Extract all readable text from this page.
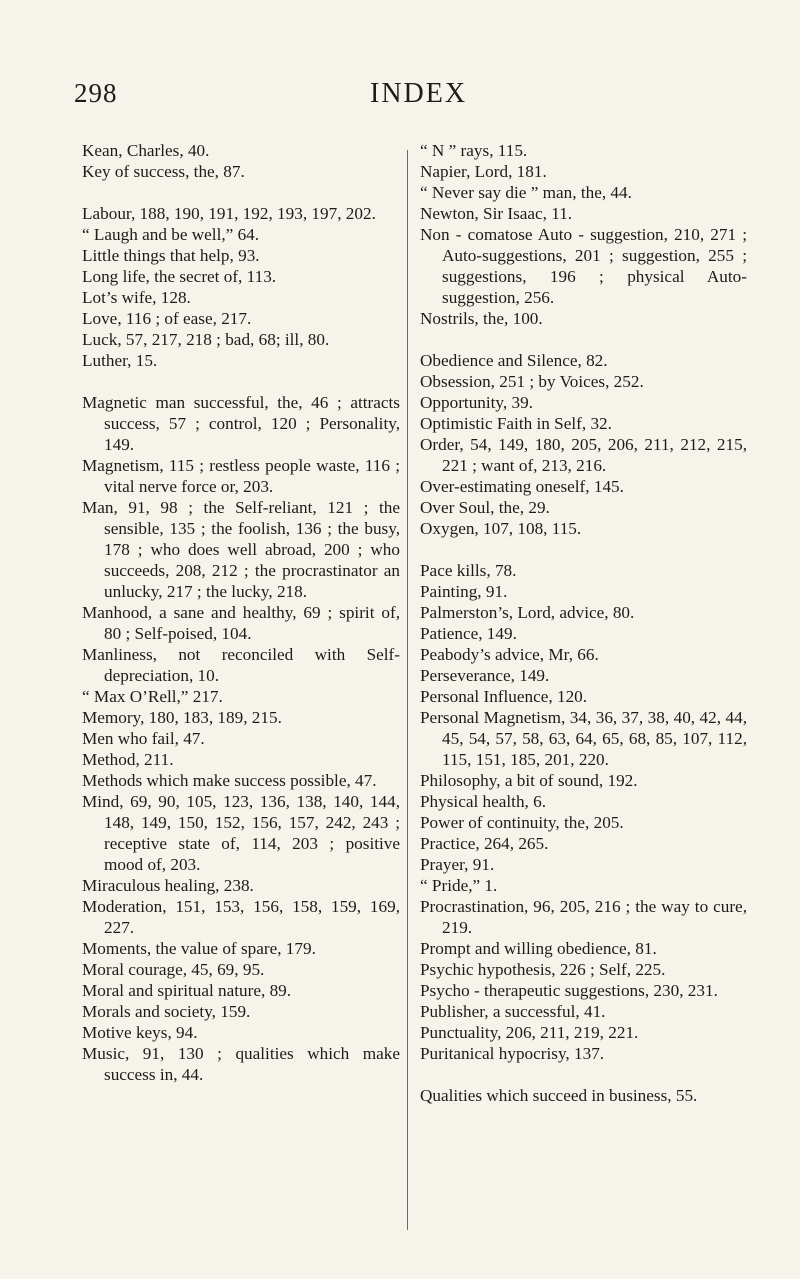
298	INDEX
Kean, Charles, 40.
Key of success, the, 87.
Labour, 188, 190, 191, 192, 193, 197, 202.
“ Laugh and be well,” 64.
Little things that help, 93.
Long life, the secret of, 113.
Lot’s wife, 128.
Love, 116 ; of ease, 217.
Luck, 57, 217, 218 ; bad, 68; ill, 80.
Luther, 15.
Magnetic man successful, the, 46 ; attracts success, 57 ; control, 120 ; Personality, 149.
Magnetism, 115 ; restless people waste, 116 ; vital nerve force or, 203.
Man, 91, 98 ; the Self-reliant, 121 ; the sensible, 135 ; the foolish, 136 ; the busy, 178 ; who does well abroad, 200 ; who succeeds, 208, 212 ; the procrastinator an unlucky, 217 ; the lucky, 218.
Manhood, a sane and healthy, 69 ; spirit of, 80 ; Self-poised, 104.
Manliness, not reconciled with Self-depreciation, 10.
“ Max O’Rell,” 217.
Memory, 180, 183, 189, 215.
Men who fail, 47.
Method, 211.
Methods which make success possible, 47.
Mind, 69, 90, 105, 123, 136, 138, 140, 144, 148, 149, 150, 152, 156, 157, 242, 243 ; receptive state of, 114, 203 ; positive mood of, 203.
Miraculous healing, 238.
Moderation, 151, 153, 156, 158, 159, 169, 227.
Moments, the value of spare, 179.
Moral courage, 45, 69, 95.
Moral and spiritual nature, 89.
Morals and society, 159.
Motive keys, 94.
Music, 91, 130 ; qualities which make success in, 44.
“ N ” rays, 115.
Napier, Lord, 181.
“ Never say die ” man, the, 44.
Newton, Sir Isaac, 11.
Non - comatose Auto - suggestion, 210, 271 ; Auto-suggestions, 201 ; suggestion, 255 ; suggestions, 196 ; physical Auto-suggestion, 256.
Nostrils, the, 100.
Obedience and Silence, 82.
Obsession, 251 ; by Voices, 252.
Opportunity, 39.
Optimistic Faith in Self, 32.
Order, 54, 149, 180, 205, 206, 211, 212, 215, 221 ; want of, 213, 216.
Over-estimating oneself, 145.
Over Soul, the, 29.
Oxygen, 107, 108, 115.
Pace kills, 78.
Painting, 91.
Palmerston’s, Lord, advice, 80.
Patience, 149.
Peabody’s advice, Mr, 66.
Perseverance, 149.
Personal Influence, 120.
Personal Magnetism, 34, 36, 37, 38, 40, 42, 44, 45, 54, 57, 58, 63, 64, 65, 68, 85, 107, 112, 115, 151, 185, 201, 220.
Philosophy, a bit of sound, 192.
Physical health, 6.
Power of continuity, the, 205.
Practice, 264, 265.
Prayer, 91.
“ Pride,” 1.
Procrastination, 96, 205, 216 ; the way to cure, 219.
Prompt and willing obedience, 81.
Psychic hypothesis, 226 ; Self, 225.
Psycho - therapeutic suggestions, 230, 231.
Publisher, a successful, 41.
Punctuality, 206, 211, 219, 221.
Puritanical hypocrisy, 137.
Qualities which succeed in business, 55.
